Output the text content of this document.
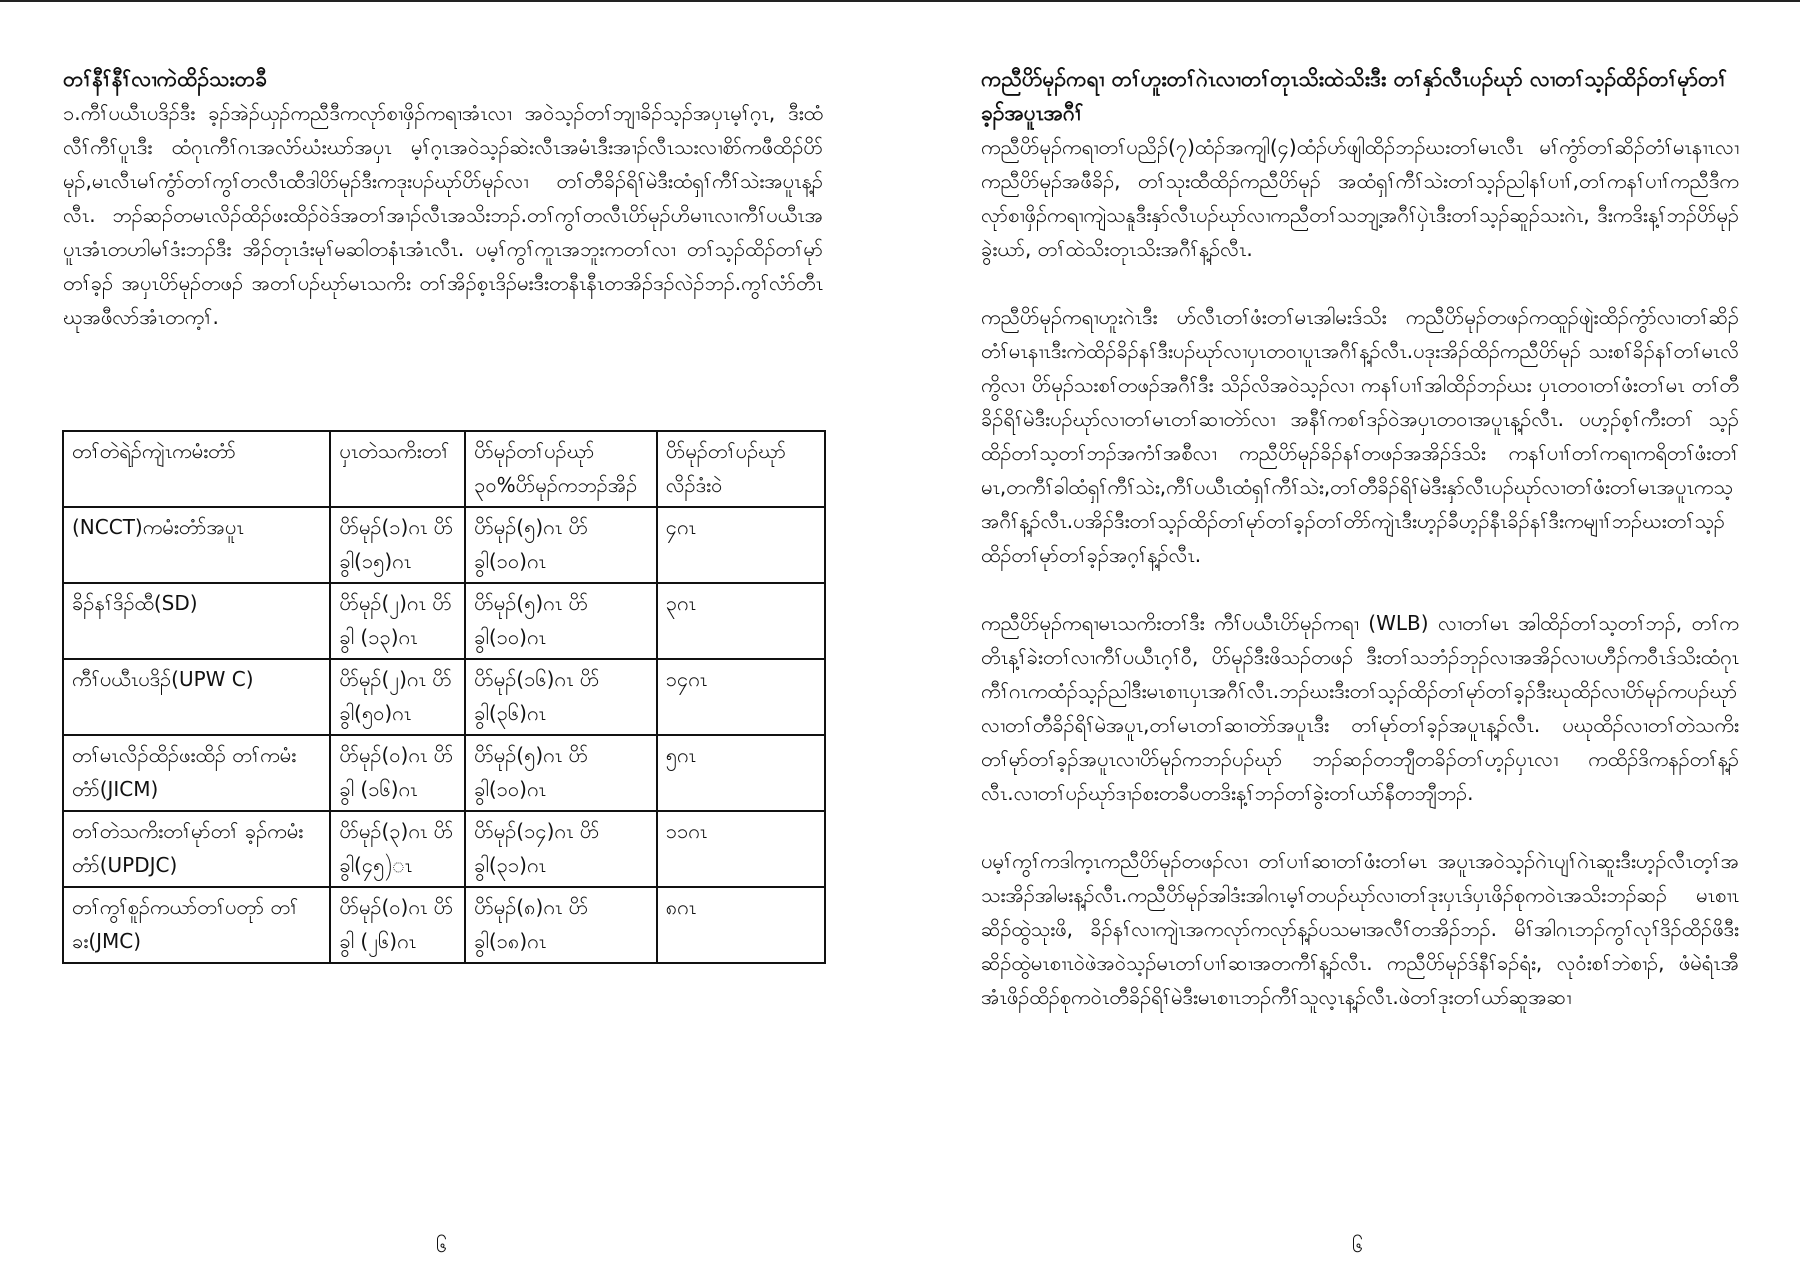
တၢ်နီၢ်နီၢ်လၢကဲထိၣ်သးတခီ

၁.ကီၢ်ပယီၤပဒိၣ်ဒီး ခ့ၣ်အဲၣ်ယှၣ်ကညီဒီကလုာ်စၢဖှိၣ်ကရၢအံၤလၢ အဝဲသ့ၣ်တၢ်ဘျၢခိၣ်သ့ၣ်အပှၤမ့ၢ်ဂ့ၤ, ဒီးထံလီၢ်ကီၢ်ပူၤဒီး ထံဂုၤကီၢ်ဂၤအလံာ်ဃံးဃာ်အပှၤ မ့ၢ်ဂ့ၤအဝဲသ့ၣ်ဆဲးလီၤအမံၤဒီးအၢၣ်လီၤသးလၢစိာ်ကဖီထိၣ်ပိာ်မုၣ်,မၤလီၤမၢ်ကွံာ်တၢ်ကွၢ်တလီၤထီဒါပိာ်မုၣ်ဒီးကဒုးပၣ်ဃုာ်ပိာ်မုၣ်လၢ တၢ်တီခိၣ်ရိၢ်မဲဒီးထံရှၢ်ကီၢ်သဲးအပူၤန့ၣ်လီၤ. ဘၣ်ဆၣ်တမၤလိၣ်ထိၣ်ဖးထိၣ်ဝဲဒ်အတၢ်အၢၣ်လီၤအသိးဘၣ်.တၢ်ကွၢ်တလီၤပိာ်မုၣ်ဟိမၢၤလၢကီၢ်ပယီၤအပူၤအံၤတဟါမၢ်ဒံးဘၣ်ဒီး အိၣ်တုၤဒံးမုၢ်မဆါတနံၤအံၤလီၤ. ပမ့ၢ်ကွၢ်ကူၤအဘူးကတၢ်လၢ တၢ်သ့ၣ်ထိၣ်တၢ်မုာ်တၢ်ခ့ၣ် အပှၤပိာ်မုၣ်တဖၣ် အတၢ်ပၣ်ဃုာ်မၤသကိး တၢ်အိၣ်စ့ၤဒိၣ်မးဒီးတနီၤနီၤတအိၣ်ဒၣ်လဲၣ်ဘၣ်.ကွၢ်လံာ်တီၤဃုအဖီလာ်အံၤတက့ၢ်.

တၢ်တဲရဲၣ်ကျဲၤကမံးတံာ်	ပှၤတဲသကိးတၢ်	ပိာ်မုၣ်တၢ်ပၣ်ဃုာ် ၃၀%ပိာ်မုၣ်ကဘၣ်အိၣ်	ပိာ်မုၣ်တၢ်ပၣ်ဃုာ် လိၣ်ဒံးဝဲ
(NCCT)ကမံးတံာ်အပူၤ	ပိာ်မုၣ်(၁)ဂၤ ပိာ်ခွါ(၁၅)ဂၤ	ပိာ်မုၣ်(၅)ဂၤ ပိာ်ခွါ(၁၀)ဂၤ	၄ဂၤ
ခိၣ်နၢ်ဒိၣ်ထီ(SD)	ပိာ်မုၣ်(၂)ဂၤ ပိာ်ခွါ (၁၃)ဂၤ	ပိာ်မုၣ်(၅)ဂၤ ပိာ်ခွါ(၁၀)ဂၤ	၃ဂၤ
ကီၢ်ပယီၤပဒိၣ်(UPW C)	ပိာ်မုၣ်(၂)ဂၤ ပိာ်ခွါ(၅၀)ဂၤ	ပိာ်မုၣ်(၁၆)ဂၤ ပိာ်ခွါ(၃၆)ဂၤ	၁၄ဂၤ
တၢ်မၤလိၣ်ထိၣ်ဖးထိၣ် တၢ်ကမံးတံာ်(JICM)	ပိာ်မုၣ်(၀)ဂၤ ပိာ်ခွါ (၁၆)ဂၤ	ပိာ်မုၣ်(၅)ဂၤ ပိာ်ခွါ(၁၀)ဂၤ	၅ဂၤ
တၢ်တဲသကိးတၢ်မုာ်တၢ် ခ့ၣ်ကမံးတံာ်(UPDJC)	ပိာ်မုၣ်(၃)ဂၤ ပိာ်ခွါ(၄၅)ၤ	ပိာ်မုၣ်(၁၄)ဂၤ ပိာ်ခွါ(၃၁)ဂၤ	၁၁ဂၤ
တၢ်ကွၢ်စူၣ်ကယာ်တၢ်ပတုာ် တၢ်ခး(JMC)	ပိာ်မုၣ်(၀)ဂၤ ပိာ်ခွါ (၂၆)ဂၤ	ပိာ်မုၣ်(၈)ဂၤ ပိာ်ခွါ(၁၈)ဂၤ	၈ဂၤ
၆

ကညီပိာ်မုၣ်ကရၢ တၢ်ဟူးတၢ်ဂဲၤလၢတၢ်တုၤသိးထဲသိးဒီး တၢ်နှာ်လီၤပၣ်ဃုာ် လၢတၢ်သ့ၣ်ထိၣ်တၢ်မုာ်တၢ်ခ့ၣ်အပူၤအဂီၢ်

ကညီပိာ်မုၣ်ကရၢတၢ်ပညိၣ်(၇)ထံၣ်အကျါ(၄)ထံၣ်ဟ်ဖျါထိၣ်ဘၣ်ဃးတၢ်မၤလီၤ မၢ်ကွံာ်တၢ်ဆိၣ်တံၢ်မၤနၢၤလၢကညီပိာ်မုၣ်အဖီခိၣ်, တၢ်သုးထီထိၣ်ကညီပိာ်မုၣ် အထံရှၢ်ကီၢ်သဲးတၢ်သ့ၣ်ညါနၢ်ပၢၢ်,တၢ်ကနၢ်ပၢၢ်ကညီဒီကလုာ်စၢဖှိၣ်ကရၢကျဲသနူဒီးနှာ်လီၤပၣ်ဃုာ်လၢကညီတၢ်သဘျ့အဂီၢ်ပှဲၤဒီးတၢ်သ့ၣ်ဆူၣ်သးဂဲၤ, ဒီးကဒိးန့ၢ်ဘၣ်ပိာ်မုၣ်ခွဲးယာ်, တၢ်ထဲသိးတုၤသိးအဂီၢ်န့ၣ်လီၤ.

ကညီပိာ်မုၣ်ကရၢဟူးဂဲၤဒီး ဟ်လီၤတၢ်ဖံးတၢ်မၤအါမးဒ်သိး ကညီပိာ်မုၣ်တဖၣ်ကထူၣ်ဖျဲးထိၣ်ကွံာ်လၢတၢ်ဆိၣ်တံၢ်မၤနၢၤဒီးကဲထိၣ်ခိၣ်နၢ်ဒီးပၣ်ဃုာ်လၢပှၤတဝၢပူၤအဂီၢ်န့ၣ်လီၤ.ပဒုးအိၣ်ထိၣ်ကညီပိာ်မုၣ် သးစၢ်ခိၣ်နၢ်တၢ်မၤလိကွိလၢ ပိာ်မုၣ်သးစၢ်တဖၣ်အဂီၢ်ဒီး သိၣ်လိအဝဲသ့ၣ်လၢ ကနၢ်ပၢၢ်အါထိၣ်ဘၣ်ဃး ပှၤတဝၢတၢ်ဖံးတၢ်မၤ တၢ်တီခိၣ်ရိၢ်မဲဒီးပၣ်ဃုာ်လၢတၢ်မၤတၢ်ဆၢတဲာ်လၢ အနီၢ်ကစၢ်ဒၣ်ဝဲအပှၤတဝၢအပူၤန့ၣ်လီၤ. ပဟ့ၣ်စ့ၢ်ကီးတၢ် သ့ၣ်ထိၣ်တၢ်သ့တၢ်ဘၣ်အကံၢ်အစီလၢ ကညီပိာ်မုၣ်ခိၣ်နၢ်တဖၣ်အအိၣ်ဒ်သိး ကနၢ်ပၢၢ်တၢ်ကရၢကရိတၢ်ဖံးတၢ်မၤ,တကီၢ်ခါထံရှၢ်ကီၢ်သဲး,ကီၢ်ပယီၤထံရှၢ်ကီၢ်သဲး,တၢ်တီခိၣ်ရိၢ်မဲဒီးနှာ်လီၤပၣ်ဃုာ်လၢတၢ်ဖံးတၢ်မၤအပူၤကသ့အဂီၢ်န့ၣ်လီၤ.ပအိၣ်ဒီးတၢ်သ့ၣ်ထိၣ်တၢ်မုာ်တၢ်ခ့ၣ်တၢ်တိာ်ကျဲၤဒီးဟ့ၣ်ခီဟ့ၣ်နီၤခိၣ်နၢ်ဒီးကမျၢၢ်ဘၣ်ဃးတၢ်သ့ၣ်ထိၣ်တၢ်မုာ်တၢ်ခ့ၣ်အဂ့ၢ်န့ၣ်လီၤ.

ကညီပိာ်မုၣ်ကရၢမၤသကိးတၢ်ဒီး ကီၢ်ပယီၤပိာ်မုၣ်ကရၢ (WLB) လၢတၢ်မၤ အါထိၣ်တၢ်သ့တၢ်ဘၣ်, တၢ်ကတိၤန့ၢ်ခဲးတၢ်လၢကီၢ်ပယီၤဂ့ၢ်ဝီ, ပိာ်မုၣ်ဒီးဖိသၣ်တဖၣ် ဒီးတၢ်သဘံၣ်ဘုၣ်လၢအအိၣ်လၢပဟီၣ်ကဝီၤဒ်သိးထံဂုၤကီၢ်ဂၤကထံၣ်သ့ၣ်ညါဒီးမၤစၢၤပှၤအဂီၢ်လီၤ.ဘၣ်ဃးဒီးတၢ်သ့ၣ်ထိၣ်တၢ်မုာ်တၢ်ခ့ၣ်ဒီးဃုထိၣ်လၢပိာ်မုၣ်ကပၣ်ဃုာ်လၢတၢ်တီခိၣ်ရိၢ်မဲအပူၤ,တၢ်မၤတၢ်ဆၢတဲာ်အပူၤဒီး တၢ်မုာ်တၢ်ခ့ၣ်အပူၤန့ၣ်လီၤ. ပဃုထိၣ်လၢတၢ်တဲသကိး တၢ်မုာ်တၢ်ခ့ၣ်အပူၤလၢပိာ်မုၣ်ကဘၣ်ပၣ်ဃုာ် ဘၣ်ဆၣ်တဘျီတခိၣ်တၢ်ဟ့ၣ်ပှၤလၢ ကထိၣ်ဒိကနၣ်တၢ်န့ၣ်လီၤ.လၢတၢ်ပၣ်ဃုာ်ဒၢၣ်စးတခီပတဒိးန့ၢ်ဘၣ်တၢ်ခွဲးတၢ်ယာ်နီတဘျီဘၣ်.

ပမ့ၢ်ကွၢ်ကဒါက့ၤကညီပိာ်မုၣ်တဖၣ်လၢ တၢ်ပၢၢ်ဆၢတၢ်ဖံးတၢ်မၤ အပူၤအဝဲသ့ၣ်ဂဲၤပျၢ်ဂဲၤဆူးဒီးဟ့ၣ်လီၤတ့ၢ်အသးအိၣ်အါမးန့ၣ်လီၤ.ကညီပိာ်မုၣ်အါဒံးအါဂၤမ့ၢ်တပၣ်ဃုာ်လၢတၢ်ဒုးပှၤဒ်ပှၤဖိၣ်စုကဝဲၤအသိးဘၣ်ဆၣ် မၤစၢၤဆိၣ်ထွဲသုးဖိ, ခိၣ်နၢ်လၢကျဲၤအကလုာ်ကလုာ်န့ၣ်ပသမၢအလီၢ်တအိၣ်ဘၣ်. မိၢ်အါဂၤဘၣ်ကွၢ်လုၢ်ဒိၣ်ထိၣ်ဖိဒီး ဆိၣ်ထွဲမၤစၢၤဝဲဖဲအဝဲသ့ၣ်မၤတၢ်ပၢၢ်ဆၢအတကီၢ်န့ၣ်လီၤ. ကညီပိာ်မုၣ်ဒ်နီၢ်ခၣ်ရံး, လုဝံးစၢ်ဘဲစၢၣ်, ဖံမဲရံၤအီအံၤဖိၣ်ထိၣ်စုကဝဲၤတီခိၣ်ရိၢ်မဲဒီးမၤစၢၤဘၣ်ကီၢ်သူလ့ၤန့ၣ်လီၤ.ဖဲတၢ်ဒုးတၢ်ယာ်ဆူအဆၢ

၆
